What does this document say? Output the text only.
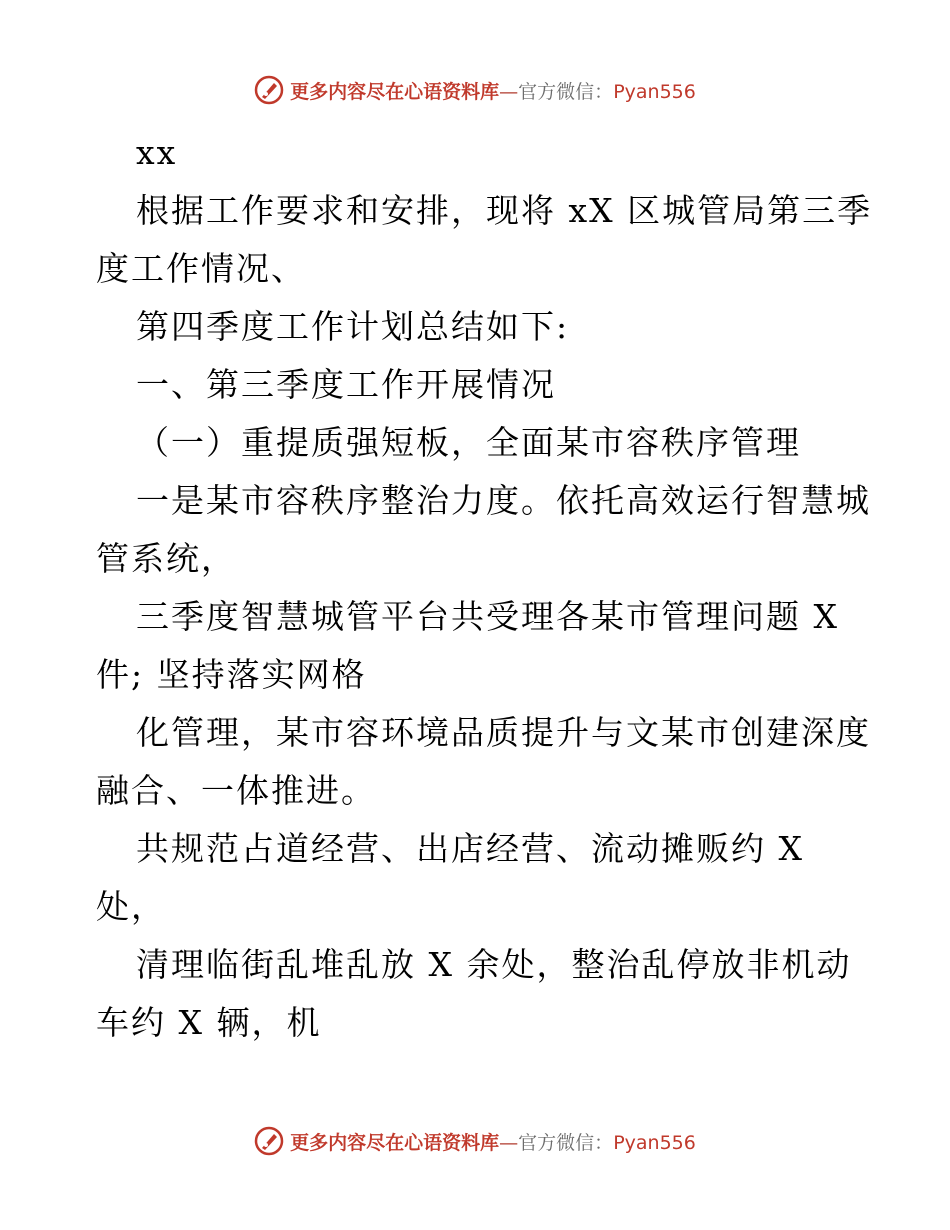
更多内容尽在心语资料库—官方微信：Pyan556
xx
根据工作要求和安排，现将 xX 区城管局第三季
度工作情况、
第四季度工作计划总结如下:
一、第三季度工作开展情况
（一）重提质强短板，全面某市容秩序管理
一是某市容秩序整治力度。依托高效运行智慧城
管系统，
三季度智慧城管平台共受理各某市管理问题 X
件; 坚持落实网格
化管理，某市容环境品质提升与文某市创建深度
融合、一体推进。
共规范占道经营、出店经营、流动摊贩约 X
处，
清理临街乱堆乱放 X 余处，整治乱停放非机动
车约 X 辆，机
更多内容尽在心语资料库—官方微信：Pyan556
